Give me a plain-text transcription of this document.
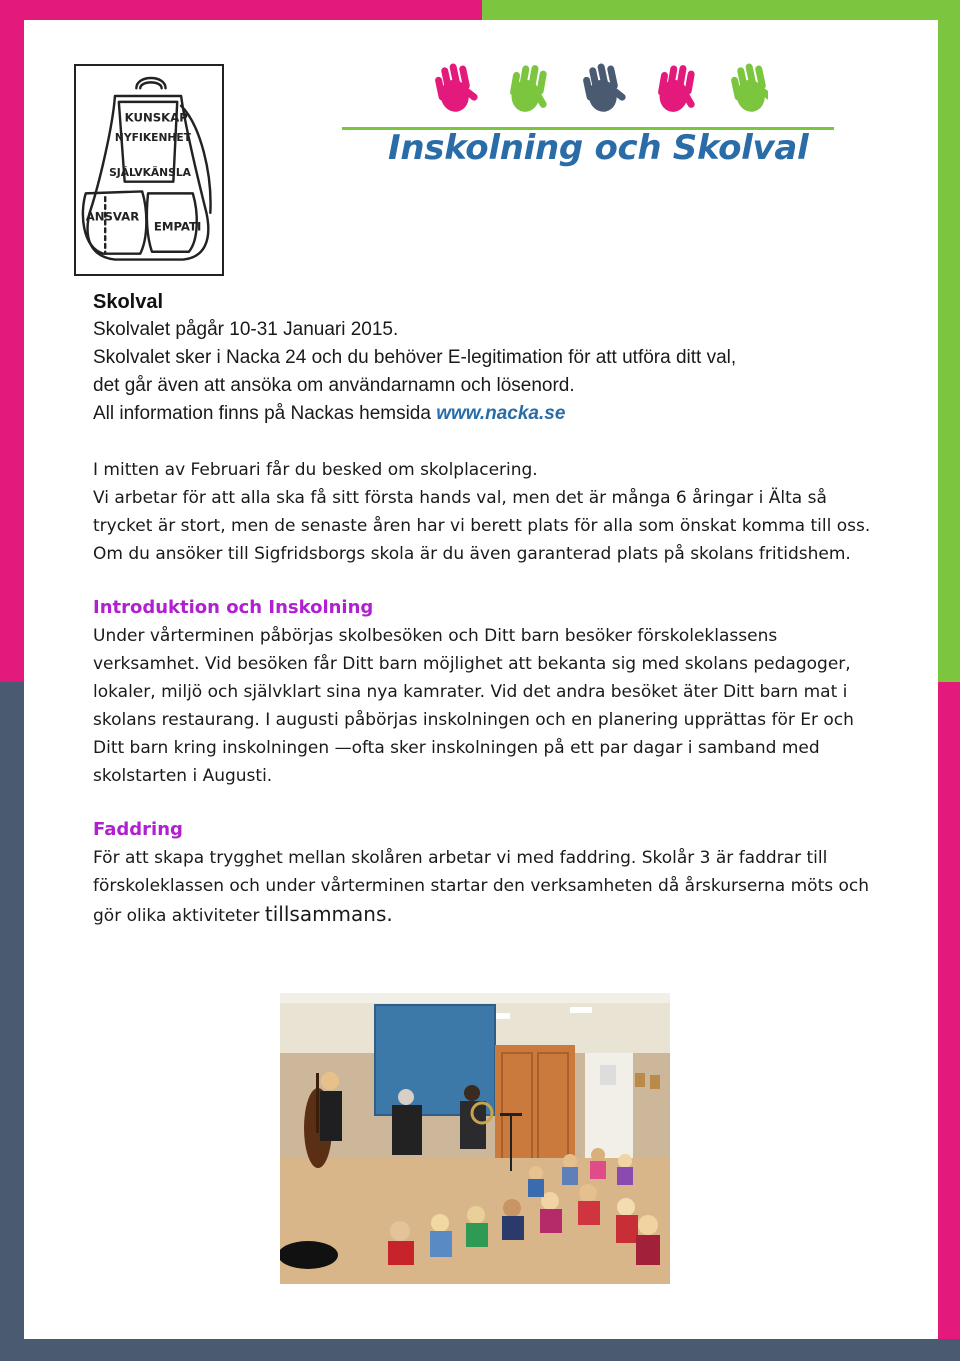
KUNSKAP
NYFIKENHET
SJÄLVKÄNSLA
ANSVAR
EMPATI
Inskolning och Skolval
Skolval

Skolvalet pågår 10-31 Januari 2015.

Skolvalet sker i Nacka 24 och du behöver E-legitimation för att utföra ditt val,

det går även att ansöka om användarnamn och lösenord.

All information finns på Nackas hemsida www.nacka.se

I mitten av Februari får du besked om skolplacering.

Vi arbetar för att alla ska få sitt första hands val, men det är många 6 åringar i Älta så trycket är stort, men de senaste åren har vi berett plats för alla som önskat komma till oss. Om du ansöker till Sigfridsborgs skola är du även garanterad plats på skolans fritidshem.

Introduktion och Inskolning

Under vårterminen påbörjas skolbesöken och Ditt barn besöker förskoleklassens verksamhet. Vid besöken får Ditt barn möjlighet att bekanta sig med skolans pedagoger, lokaler, miljö och självklart sina nya kamrater. Vid det andra besöket äter Ditt barn mat i skolans restaurang. I augusti påbörjas inskolningen och en planering upprättas för Er och Ditt barn kring inskolningen —ofta sker inskolningen på ett par dagar i samband med skolstarten i Augusti.

Faddring

För att skapa trygghet mellan skolåren arbetar vi med faddring. Skolår 3 är faddrar till förskoleklassen och under vårterminen startar den verksamheten då årskurserna möts och gör olika aktiviteter tillsammans.
